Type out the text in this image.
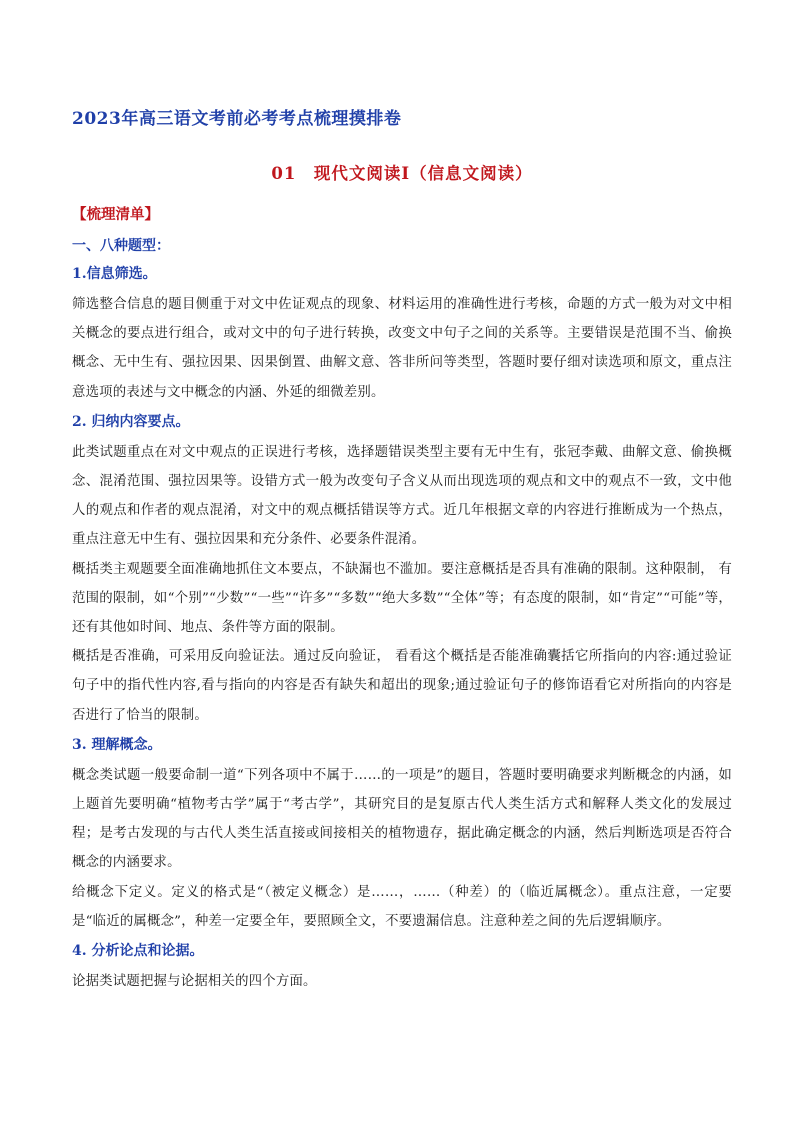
2023年高三语文考前必考考点梳理摸排卷
01　现代文阅读Ⅰ（信息文阅读）
【梳理清单】
一、八种题型：
1.信息筛选。

筛选整合信息的题目侧重于对文中佐证观点的现象、材料运用的准确性进行考核，命题的方式一般为对文中相关概念的要点进行组合，或对文中的句子进行转换，改变文中句子之间的关系等。主要错误是范围不当、偷换概念、无中生有、强拉因果、因果倒置、曲解文意、答非所问等类型，答题时要仔细对读选项和原文，重点注意选项的表述与文中概念的内涵、外延的细微差别。

2. 归纳内容要点。

此类试题重点在对文中观点的正误进行考核，选择题错误类型主要有无中生有，张冠李戴、曲解文意、偷换概念、混淆范围、强拉因果等。设错方式一般为改变句子含义从而出现选项的观点和文中的观点不一致，文中他人的观点和作者的观点混淆，对文中的观点概括错误等方式。近几年根据文章的内容进行推断成为一个热点，重点注意无中生有、强拉因果和充分条件、必要条件混淆。

概括类主观题要全面准确地抓住文本要点，不缺漏也不滥加。要注意概括是否具有准确的限制。这种限制， 有范围的限制，如“个别”“少数”“一些”“许多”“多数”“绝大多数”“全体”等；有态度的限制，如“肯定”“可能”等，还有其他如时间、地点、条件等方面的限制。

概括是否准确，可采用反向验证法。通过反向验证， 看看这个概括是否能准确囊括它所指向的内容:通过验证句子中的指代性内容,看与指向的内容是否有缺失和超出的现象;通过验证句子的修饰语看它对所指向的内容是否进行了恰当的限制。

3. 理解概念。

概念类试题一般要命制一道“下列各项中不属于……的一项是”的题目，答题时要明确要求判断概念的内涵，如上题首先要明确“植物考古学”属于“考古学”，其研究目的是复原古代人类生活方式和解释人类文化的发展过程；是考古发现的与古代人类生活直接或间接相关的植物遗存，据此确定概念的内涵，然后判断选项是否符合概念的内涵要求。

给概念下定义。定义的格式是“（被定义概念）是……，……（种差）的（临近属概念）。重点注意，一定要是“临近的属概念”，种差一定要全年，要照顾全文，不要遗漏信息。注意种差之间的先后逻辑顺序。

4. 分析论点和论据。

论据类试题把握与论据相关的四个方面。
